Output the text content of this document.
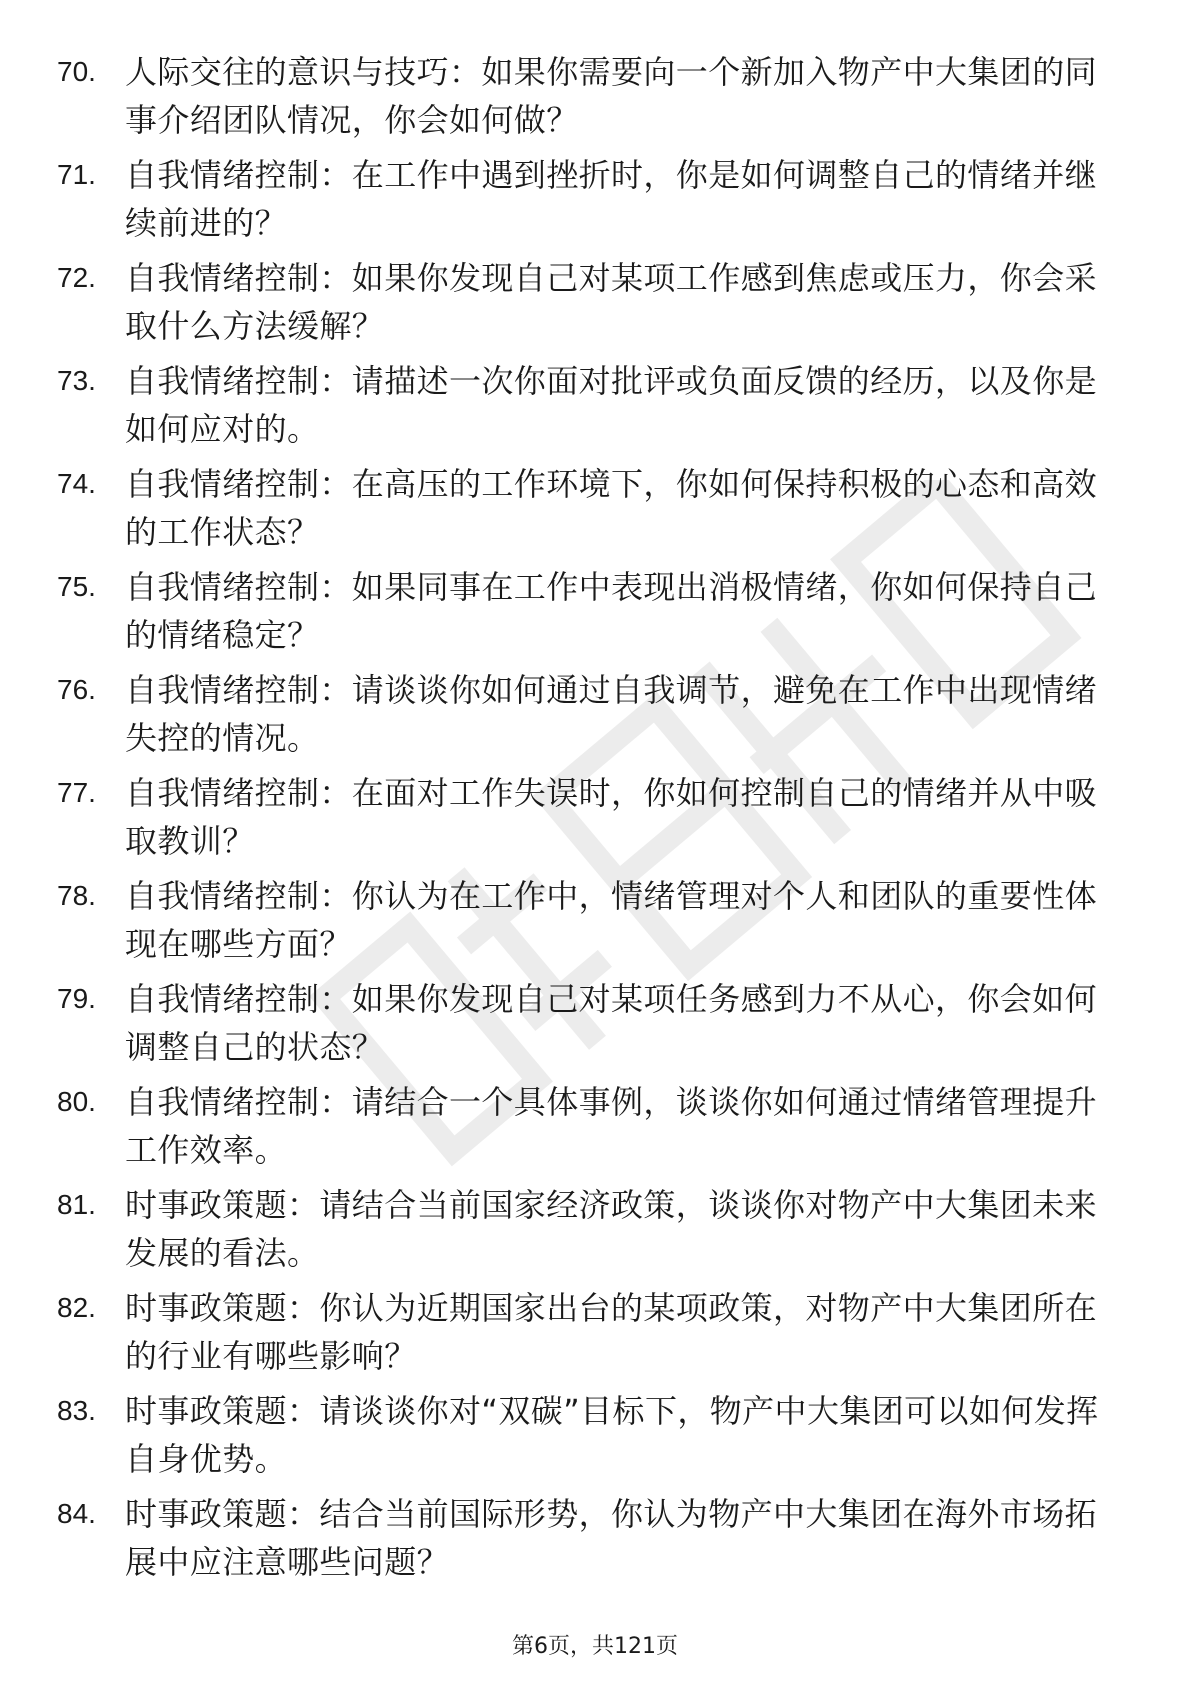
70. 人际交往的意识与技巧：如果你需要向一个新加入物产中大集团的同事介绍团队情况，你会如何做？
71. 自我情绪控制：在工作中遇到挫折时，你是如何调整自己的情绪并继续前进的？
72. 自我情绪控制：如果你发现自己对某项工作感到焦虑或压力，你会采取什么方法缓解？
73. 自我情绪控制：请描述一次你面对批评或负面反馈的经历，以及你是如何应对的。
74. 自我情绪控制：在高压的工作环境下，你如何保持积极的心态和高效的工作状态？
75. 自我情绪控制：如果同事在工作中表现出消极情绪，你如何保持自己的情绪稳定？
76. 自我情绪控制：请谈谈你如何通过自我调节，避免在工作中出现情绪失控的情况。
77. 自我情绪控制：在面对工作失误时，你如何控制自己的情绪并从中吸取教训？
78. 自我情绪控制：你认为在工作中，情绪管理对个人和团队的重要性体现在哪些方面？
79. 自我情绪控制：如果你发现自己对某项任务感到力不从心，你会如何调整自己的状态？
80. 自我情绪控制：请结合一个具体事例，谈谈你如何通过情绪管理提升工作效率。
81. 时事政策题：请结合当前国家经济政策，谈谈你对物产中大集团未来发展的看法。
82. 时事政策题：你认为近期国家出台的某项政策，对物产中大集团所在的行业有哪些影响？
83. 时事政策题：请谈谈你对“双碳”目标下，物产中大集团可以如何发挥自身优势。
84. 时事政策题：结合当前国际形势，你认为物产中大集团在海外市场拓展中应注意哪些问题？
第6页，共121页
